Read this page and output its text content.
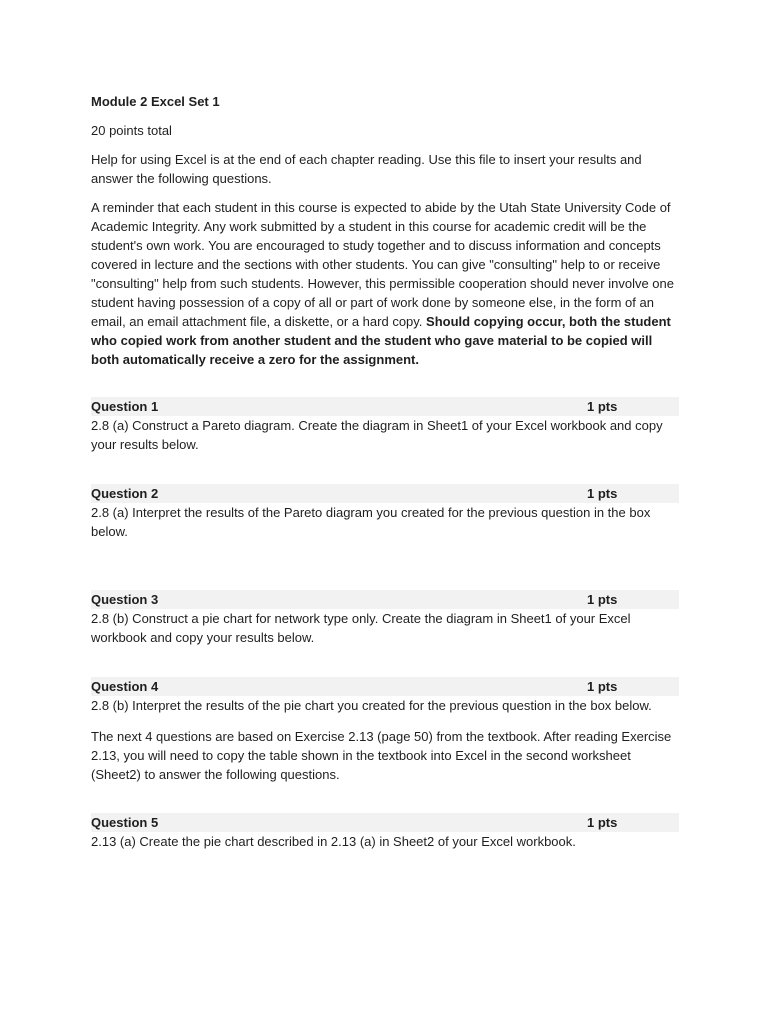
Module 2 Excel Set 1
20 points total
Help for using Excel is at the end of each chapter reading. Use this file to insert your results and answer the following questions.
A reminder that each student in this course is expected to abide by the Utah State University Code of Academic Integrity. Any work submitted by a student in this course for academic credit will be the student's own work. You are encouraged to study together and to discuss information and concepts covered in lecture and the sections with other students. You can give "consulting" help to or receive "consulting" help from such students. However, this permissible cooperation should never involve one student having possession of a copy of all or part of work done by someone else, in the form of an email, an email attachment file, a diskette, or a hard copy. Should copying occur, both the student who copied work from another student and the student who gave material to be copied will both automatically receive a zero for the assignment.
Question 1	1 pts
2.8 (a) Construct a Pareto diagram. Create the diagram in Sheet1 of your Excel workbook and copy your results below.
Question 2	1 pts
2.8 (a) Interpret the results of the Pareto diagram you created for the previous question in the box below.
Question 3	1 pts
2.8 (b) Construct a pie chart for network type only. Create the diagram in Sheet1 of your Excel workbook and copy your results below.
Question 4	1 pts
2.8 (b) Interpret the results of the pie chart you created for the previous question in the box below.
The next 4 questions are based on Exercise 2.13 (page 50) from the textbook. After reading Exercise 2.13, you will need to copy the table shown in the textbook into Excel in the second worksheet (Sheet2) to answer the following questions.
Question 5	1 pts
2.13 (a) Create the pie chart described in 2.13 (a) in Sheet2 of your Excel workbook.
